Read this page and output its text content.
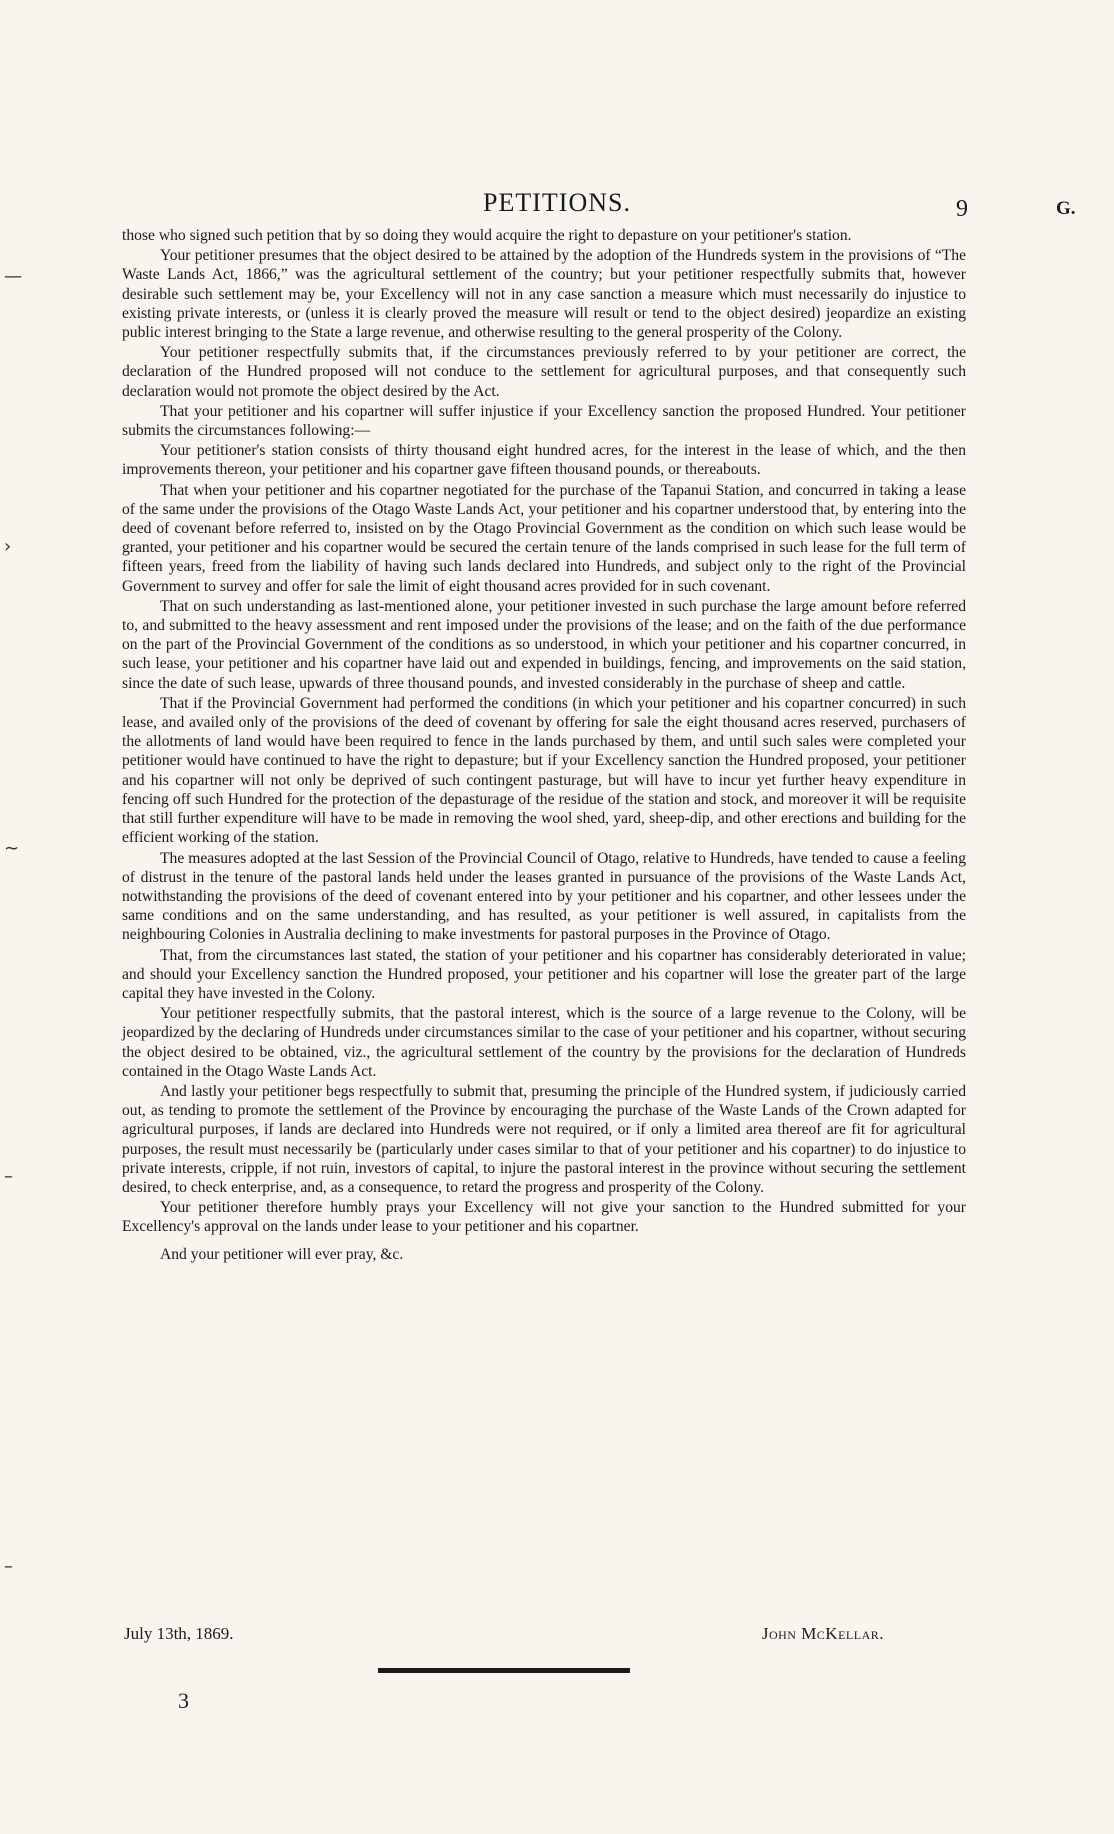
PETITIONS.	9	G.
—
›
∼
–
–

those who signed such petition that by so doing they would acquire the right to depasture on your petitioner's station.

Your petitioner presumes that the object desired to be attained by the adoption of the Hundreds system in the provisions of “The Waste Lands Act, 1866,” was the agricultural settlement of the country; but your petitioner respectfully submits that, however desirable such settlement may be, your Excellency will not in any case sanction a measure which must necessarily do injustice to existing private interests, or (unless it is clearly proved the measure will result or tend to the object desired) jeopardize an existing public interest bringing to the State a large revenue, and otherwise resulting to the general prosperity of the Colony.

Your petitioner respectfully submits that, if the circumstances previously referred to by your petitioner are correct, the declaration of the Hundred proposed will not conduce to the settlement for agricultural purposes, and that consequently such declaration would not promote the object desired by the Act.

That your petitioner and his copartner will suffer injustice if your Excellency sanction the proposed Hundred. Your petitioner submits the circumstances following:—

Your petitioner's station consists of thirty thousand eight hundred acres, for the interest in the lease of which, and the then improvements thereon, your petitioner and his copartner gave fifteen thousand pounds, or thereabouts.

That when your petitioner and his copartner negotiated for the purchase of the Tapanui Station, and concurred in taking a lease of the same under the provisions of the Otago Waste Lands Act, your petitioner and his copartner understood that, by entering into the deed of covenant before referred to, insisted on by the Otago Provincial Government as the condition on which such lease would be granted, your petitioner and his copartner would be secured the certain tenure of the lands comprised in such lease for the full term of fifteen years, freed from the liability of having such lands declared into Hundreds, and subject only to the right of the Provincial Government to survey and offer for sale the limit of eight thousand acres provided for in such covenant.

That on such understanding as last-mentioned alone, your petitioner invested in such purchase the large amount before referred to, and submitted to the heavy assessment and rent imposed under the provisions of the lease; and on the faith of the due performance on the part of the Provincial Government of the conditions as so understood, in which your petitioner and his copartner concurred, in such lease, your petitioner and his copartner have laid out and expended in buildings, fencing, and improvements on the said station, since the date of such lease, upwards of three thousand pounds, and invested considerably in the purchase of sheep and cattle.

That if the Provincial Government had performed the conditions (in which your petitioner and his copartner concurred) in such lease, and availed only of the provisions of the deed of covenant by offering for sale the eight thousand acres reserved, purchasers of the allotments of land would have been required to fence in the lands purchased by them, and until such sales were completed your petitioner would have continued to have the right to depasture; but if your Excellency sanction the Hundred proposed, your petitioner and his copartner will not only be deprived of such contingent pasturage, but will have to incur yet further heavy expenditure in fencing off such Hundred for the protection of the depasturage of the residue of the station and stock, and moreover it will be requisite that still further expenditure will have to be made in removing the wool shed, yard, sheep-dip, and other erections and building for the efficient working of the station.

The measures adopted at the last Session of the Provincial Council of Otago, relative to Hundreds, have tended to cause a feeling of distrust in the tenure of the pastoral lands held under the leases granted in pursuance of the provisions of the Waste Lands Act, notwithstanding the provisions of the deed of covenant entered into by your petitioner and his copartner, and other lessees under the same conditions and on the same understanding, and has resulted, as your petitioner is well assured, in capitalists from the neighbouring Colonies in Australia declining to make investments for pastoral purposes in the Province of Otago.

That, from the circumstances last stated, the station of your petitioner and his copartner has considerably deteriorated in value; and should your Excellency sanction the Hundred proposed, your petitioner and his copartner will lose the greater part of the large capital they have invested in the Colony.

Your petitioner respectfully submits, that the pastoral interest, which is the source of a large revenue to the Colony, will be jeopardized by the declaring of Hundreds under circumstances similar to the case of your petitioner and his copartner, without securing the object desired to be obtained, viz., the agricultural settlement of the country by the provisions for the declaration of Hundreds contained in the Otago Waste Lands Act.

And lastly your petitioner begs respectfully to submit that, presuming the principle of the Hundred system, if judiciously carried out, as tending to promote the settlement of the Province by encouraging the purchase of the Waste Lands of the Crown adapted for agricultural purposes, if lands are declared into Hundreds were not required, or if only a limited area thereof are fit for agricultural purposes, the result must necessarily be (particularly under cases similar to that of your petitioner and his copartner) to do injustice to private interests, cripple, if not ruin, investors of capital, to injure the pastoral interest in the province without securing the settlement desired, to check enterprise, and, as a consequence, to retard the progress and prosperity of the Colony.

Your petitioner therefore humbly prays your Excellency will not give your sanction to the Hundred submitted for your Excellency's approval on the lands under lease to your petitioner and his copartner.

And your petitioner will ever pray, &c.

July 13th, 1869.	John McKellar.
3
